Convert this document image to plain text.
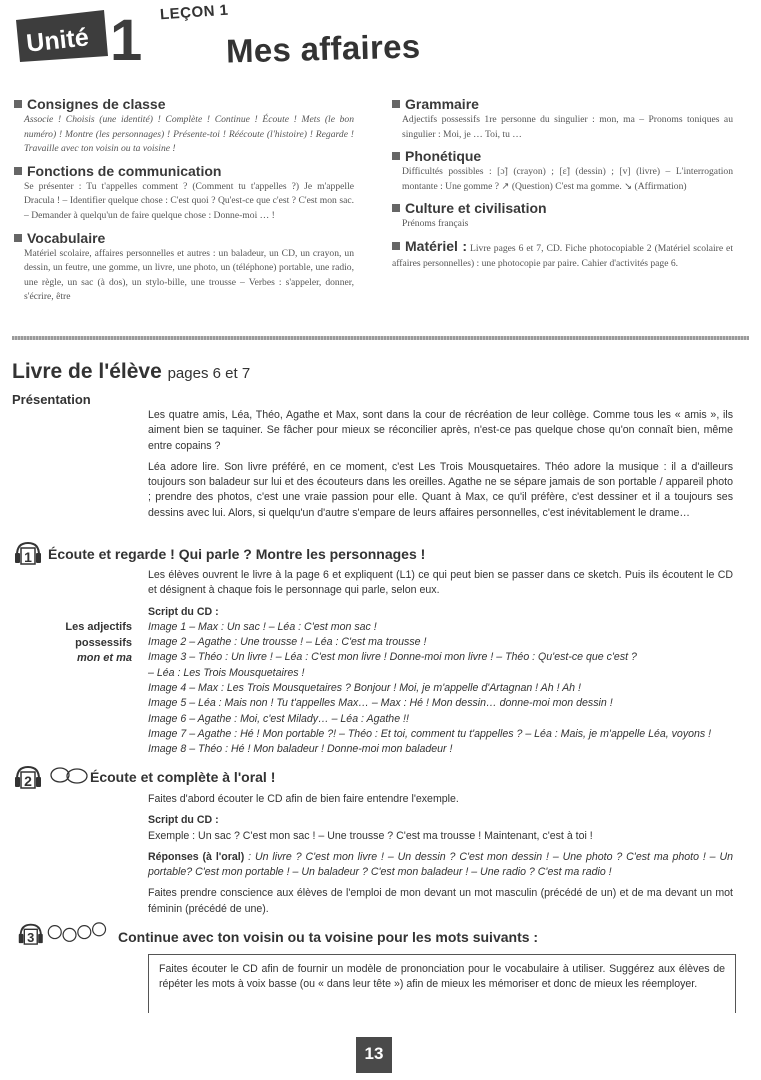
Unité 1 LEÇON 1
Mes affaires
Consignes de classe

Associe ! Choisis (une identité) ! Complète ! Continue ! Écoute ! Mets (le bon numéro) ! Montre (les personnages) ! Présente-toi ! Réécoute (l'histoire) ! Regarde ! Travaille avec ton voisin ou ta voisine !

Fonctions de communication

Se présenter : Tu t'appelles comment ? (Comment tu t'appelles ?) Je m'appelle Dracula ! – Identifier quelque chose : C'est quoi ? Qu'est-ce que c'est ? C'est mon sac. – Demander à quelqu'un de faire quelque chose : Donne-moi … !

Vocabulaire

Matériel scolaire, affaires personnelles et autres : un baladeur, un CD, un crayon, un dessin, un feutre, une gomme, un livre, une photo, un (téléphone) portable, une radio, une règle, un sac (à dos), un stylo-bille, une trousse – Verbes : s'appeler, donner, s'écrire, être

Grammaire

Adjectifs possessifs 1re personne du singulier : mon, ma – Pronoms toniques au singulier : Moi, je … Toi, tu …

Phonétique

Difficultés possibles : [ɔ̃] (crayon) ; [ɛ̃] (dessin) ; [v] (livre) – L'interrogation montante : Une gomme ? ↗ (Question) C'est ma gomme. ↘ (Affirmation)

Culture et civilisation

Prénoms français

Matériel : Livre pages 6 et 7, CD. Fiche photocopiable 2 (Matériel scolaire et affaires personnelles) : une photocopie par paire. Cahier d'activités page 6.

Livre de l'élève pages 6 et 7
Présentation

Les quatre amis, Léa, Théo, Agathe et Max, sont dans la cour de récréation de leur collège. Comme tous les « amis », ils aiment bien se taquiner. Se fâcher pour mieux se réconcilier après, n'est-ce pas quelque chose qu'on connaît bien, même entre copains ?

Léa adore lire. Son livre préféré, en ce moment, c'est Les Trois Mousquetaires. Théo adore la musique : il a d'ailleurs toujours son baladeur sur lui et des écouteurs dans les oreilles. Agathe ne se sépare jamais de son portable / appareil photo ; prendre des photos, c'est une vraie passion pour elle. Quant à Max, ce qu'il préfère, c'est dessiner et il a toujours ses dessins avec lui. Alors, si quelqu'un d'autre s'empare de leurs affaires personnelles, c'est inévitablement le drame…

1 Écoute et regarde ! Qui parle ? Montre les personnages !

Les élèves ouvrent le livre à la page 6 et expliquent (L1) ce qui peut bien se passer dans ce sketch. Puis ils écoutent le CD et désignent à chaque fois le personnage qui parle, selon eux.

Script du CD :
Image 1 – Max : Un sac ! – Léa : C'est mon sac !
Image 2 – Agathe : Une trousse ! – Léa : C'est ma trousse !
Image 3 – Théo : Un livre ! – Léa : C'est mon livre ! Donne-moi mon livre ! – Théo : Qu'est-ce que c'est ?
– Léa : Les Trois Mousquetaires !
Image 4 – Max : Les Trois Mousquetaires ? Bonjour ! Moi, je m'appelle d'Artagnan ! Ah ! Ah !
Image 5 – Léa : Mais non ! Tu t'appelles Max… – Max : Hé ! Mon dessin… donne-moi mon dessin !
Image 6 – Agathe : Moi, c'est Milady… – Léa : Agathe !!
Image 7 – Agathe : Hé ! Mon portable ?! – Théo : Et toi, comment tu t'appelles ? – Léa : Mais, je m'appelle Léa, voyons !
Image 8 – Théo : Hé ! Mon baladeur ! Donne-moi mon baladeur !
Les adjectifs
possessifs
mon et ma
2	Écoute et complète à l'oral !

Faites d'abord écouter le CD afin de bien faire entendre l'exemple.

Script du CD :

Exemple : Un sac ? C'est mon sac ! – Une trousse ? C'est ma trousse ! Maintenant, c'est à toi !

Réponses (à l'oral) : Un livre ? C'est mon livre ! – Un dessin ? C'est mon dessin ! – Une photo ? C'est ma photo ! – Un portable? C'est mon portable ! – Un baladeur ? C'est mon baladeur ! – Une radio ? C'est ma radio !

Faites prendre conscience aux élèves de l'emploi de mon devant un mot masculin (précédé de un) et de ma devant un mot féminin (précédé de une).

3	Continue avec ton voisin ou ta voisine pour les mots suivants :
Faites écouter le CD afin de fournir un modèle de prononciation pour le vocabulaire à utiliser. Suggérez aux élèves de répéter les mots à voix basse (ou « dans leur tête ») afin de mieux les mémoriser et donc de mieux les réemployer.
13
